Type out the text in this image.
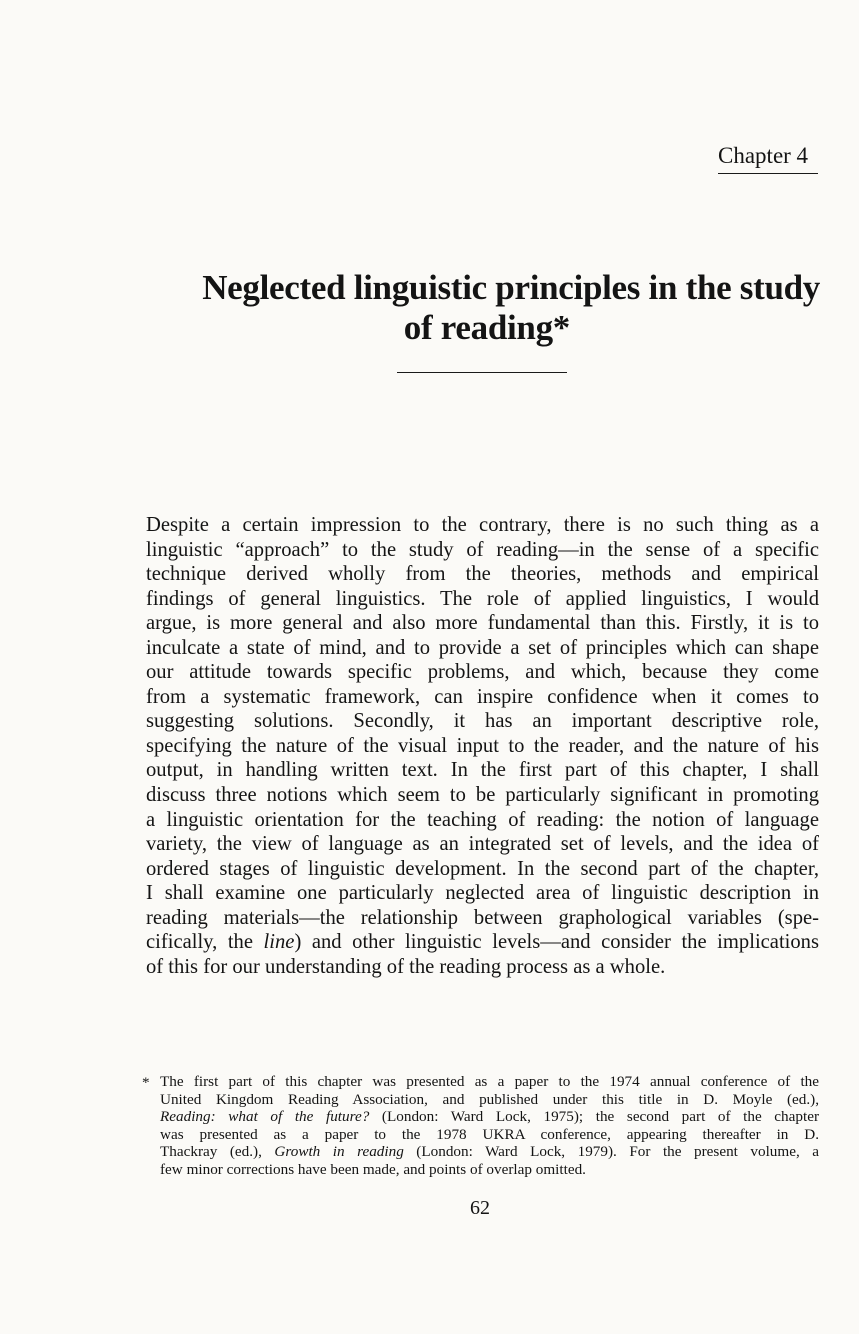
Chapter 4
Neglected linguistic principles in the study
of reading*
Despite a certain impression to the contrary, there is no such thing as a
linguistic “approach” to the study of reading—in the sense of a specific
technique derived wholly from the theories, methods and empirical
findings of general linguistics. The role of applied linguistics, I would
argue, is more general and also more fundamental than this. Firstly, it is to
inculcate a state of mind, and to provide a set of principles which can shape
our attitude towards specific problems, and which, because they come
from a systematic framework, can inspire confidence when it comes to
suggesting solutions. Secondly, it has an important descriptive role,
specifying the nature of the visual input to the reader, and the nature of his
output, in handling written text. In the first part of this chapter, I shall
discuss three notions which seem to be particularly significant in promoting
a linguistic orientation for the teaching of reading: the notion of language
variety, the view of language as an integrated set of levels, and the idea of
ordered stages of linguistic development. In the second part of the chapter,
I shall examine one particularly neglected area of linguistic description in
reading materials—the relationship between graphological variables (spe-
cifically, the line) and other linguistic levels—and consider the implications
of this for our understanding of the reading process as a whole.
* The first part of this chapter was presented as a paper to the 1974 annual conference of the
United Kingdom Reading Association, and published under this title in D. Moyle (ed.),
Reading: what of the future? (London: Ward Lock, 1975); the second part of the chapter
was presented as a paper to the 1978 UKRA conference, appearing thereafter in D.
Thackray (ed.), Growth in reading (London: Ward Lock, 1979). For the present volume, a
few minor corrections have been made, and points of overlap omitted.
62
